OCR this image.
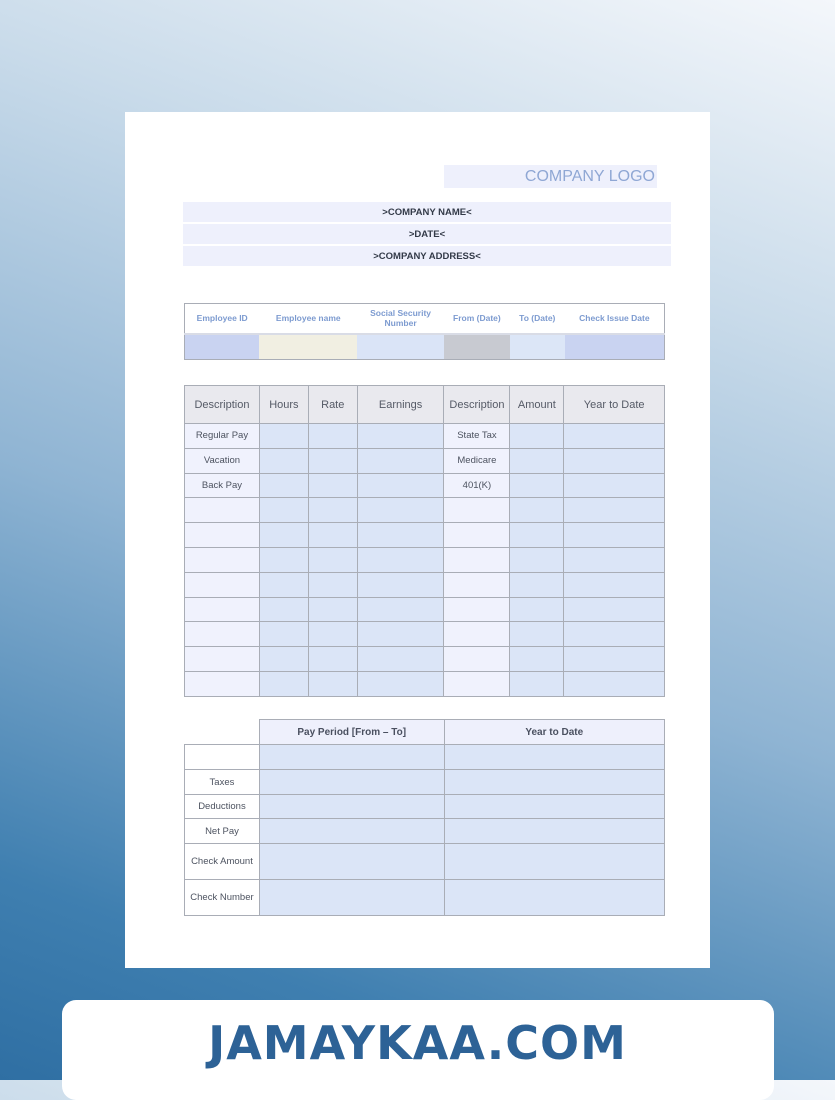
COMPANY LOGO
>COMPANY NAME<
>DATE<
>COMPANY ADDRESS<
Employee ID	Employee name	Social Security Number	From (Date)	To (Date)	Check Issue Date

Description	Hours	Rate	Earnings	Description	Amount	Year to Date
Regular Pay				State Tax		
Vacation				Medicare		
Back Pay				401(K)		

	Pay Period [From – To]	Year to Date

Taxes		
Deductions		
Net Pay		
Check Amount		
Check Number		
JAMAYKAA.COM
